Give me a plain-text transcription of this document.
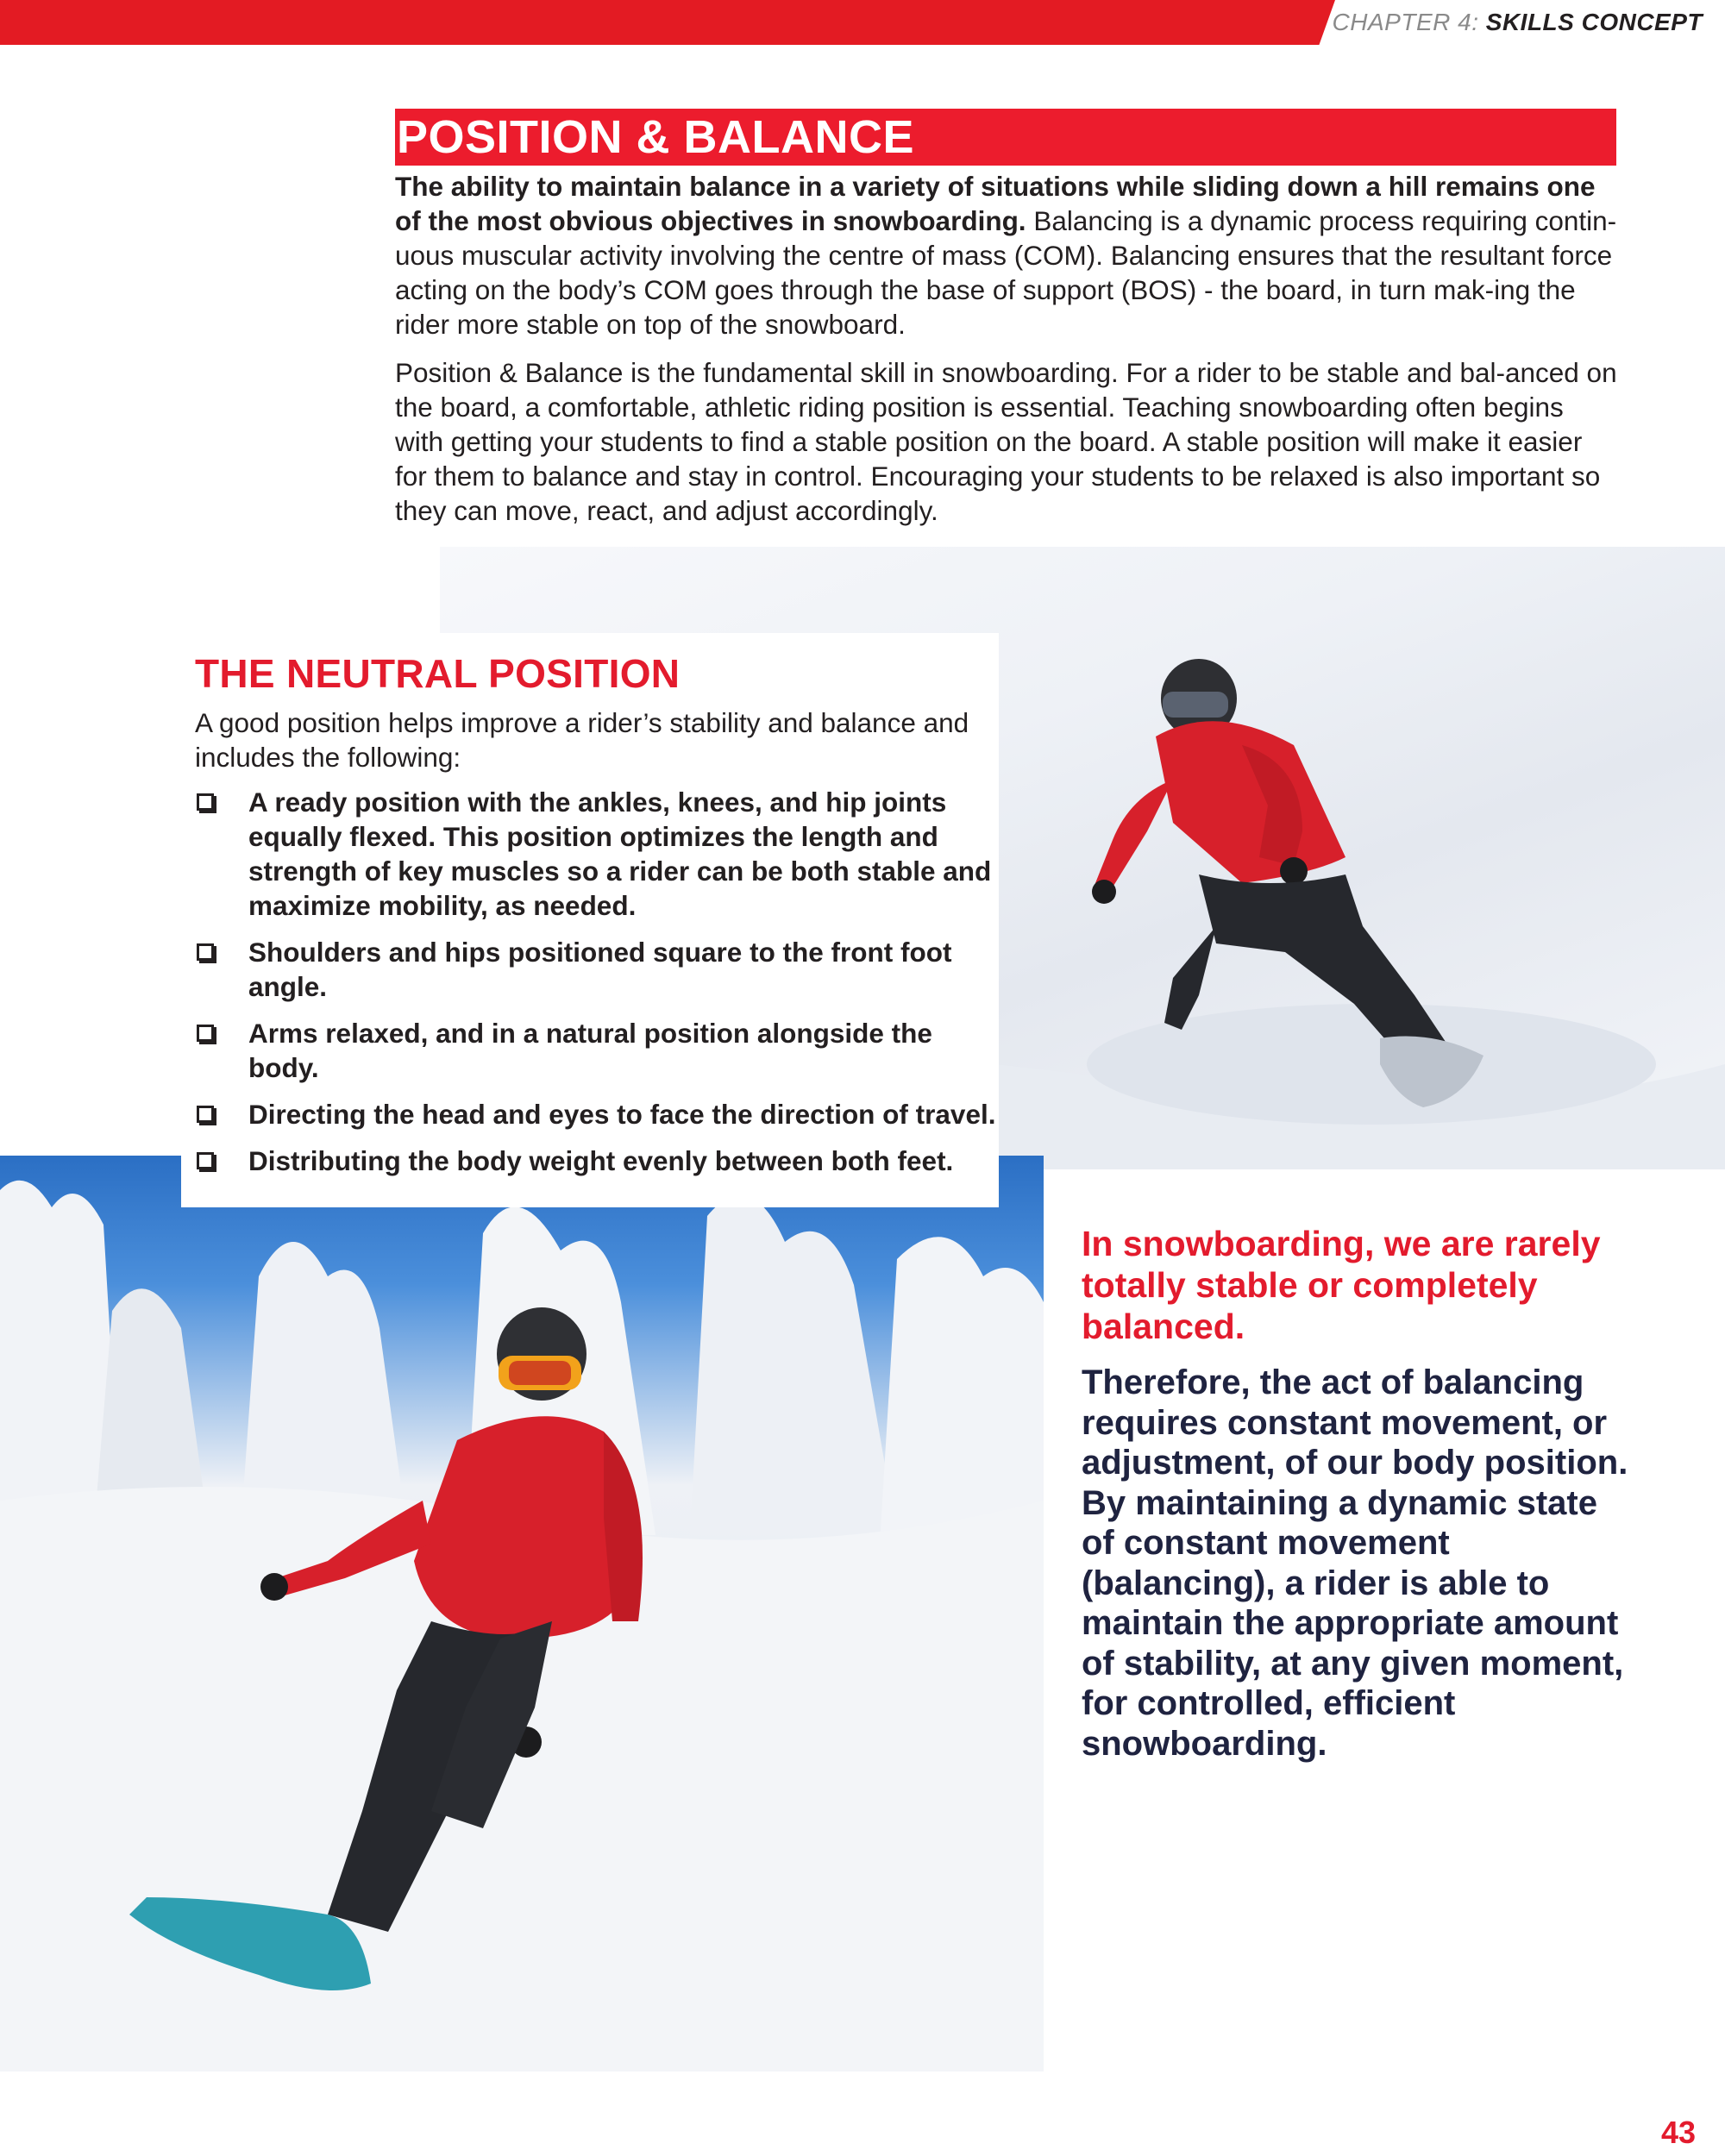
CHAPTER 4: SKILLS CONCEPT
POSITION & BALANCE

The ability to maintain balance in a variety of situations while sliding down a hill remains one of the most obvious objectives in snowboarding. Balancing is a dynamic process requiring contin-uous muscular activity involving the centre of mass (COM). Balancing ensures that the resultant force acting on the body’s COM goes through the base of support (BOS) - the board, in turn mak-ing the rider more stable on top of the snowboard.

Position & Balance is the fundamental skill in snowboarding. For a rider to be stable and bal-anced on the board, a comfortable, athletic riding position is essential. Teaching snowboarding often begins with getting your students to find a stable position on the board. A stable position will make it easier for them to balance and stay in control. Encouraging your students to be relaxed is also important so they can move, react, and adjust accordingly.

THE NEUTRAL POSITION

A good position helps improve a rider’s stability and balance and includes the following:

A ready position with the ankles, knees, and hip joints equally flexed. This position optimizes the length and strength of key muscles so a rider can be both stable and maximize mobility, as needed.
Shoulders and hips positioned square to the front foot angle.
Arms relaxed, and in a natural position alongside the body.
Directing the head and eyes to face the direction of travel.
Distributing the body weight evenly between both feet.

In snowboarding, we are rarely totally stable or completely balanced.

Therefore, the act of balancing requires constant movement, or adjustment, of our body position. By maintaining a dynamic state of constant movement (balancing), a rider is able to maintain the appropriate amount of stability, at any given moment, for controlled, efficient snowboarding.

43
